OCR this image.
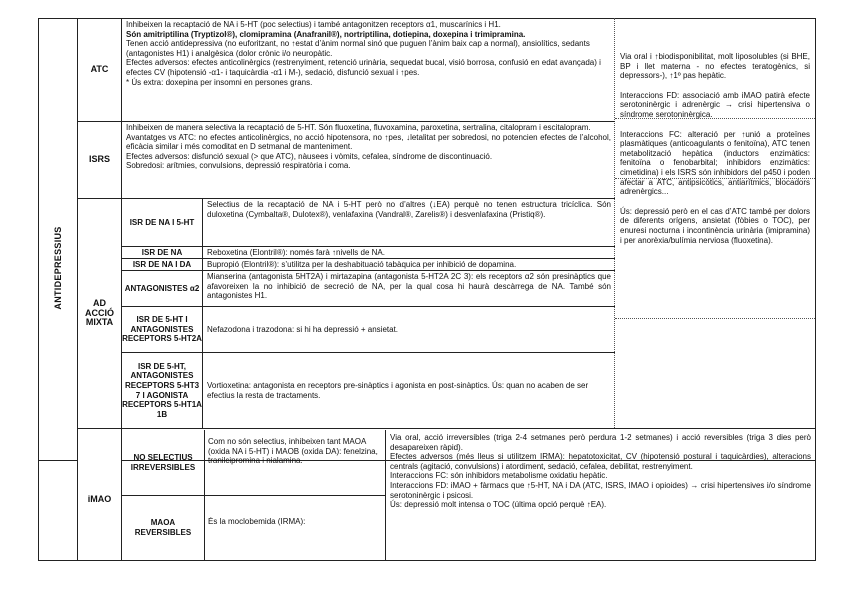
ANTIDEPRESSIUS
ATC

Inhibeixen la recaptació de NA i 5-HT (poc selectius) i també antagonitzen receptors α1, muscarínics i H1.

Són amitriptilina (Tryptizol®), clomipramina (Anafranil®), nortriptilina, dotiepina, doxepina i trimipramina.

Tenen acció antidepressiva (no euforitzant, no ↑estat d’ànim normal sinó que puguen l’ànim baix cap a normal), ansiolítics, sedants (antagonistes H1) i analgèsica (dolor crònic i/o neuropàtic.

Efectes adversos: efectes anticolinèrgics (restrenyiment, retenció urinària, sequedat bucal, visió borrosa, confusió en edat avançada) i efectes CV (hipotensió -α1- i taquicàrdia -α1 i M-), sedació, disfunció sexual i ↑pes.

* Ús extra: doxepina per insomni en persones grans.

ISRS

Inhibeixen de manera selectiva la recaptació de 5-HT. Són fluoxetina, fluvoxamina, paroxetina, sertralina, citalopram i escitalopram.

Avantatges vs ATC: no efectes anticolinèrgics, no acció hipotensora, no ↑pes, ↓letalitat per sobredosi, no potencien efectes de l’alcohol, eficàcia similar i més comoditat en D setmanal de manteniment.

Efectes adversos: disfunció sexual (> que ATC), nàusees i vòmits, cefalea, síndrome de discontinuació.

Sobredosi: arítmies, convulsions, depressió respiratòria i coma.

AD
ACCIÓ
MIXTA
ISR DE NA I 5-HT
Selectius de la recaptació de NA i 5-HT però no d’altres (↓EA) perquè no tenen estructura tricíclica. Són duloxetina (Cymbalta®, Dulotex®), venlafaxina (Vandral®, Zarelis®) i desvenlafaxina (Pristiq®).
ISR DE NA	Reboxetina (Elontril®): només farà ↑nivells de NA.
ISR DE NA I DA	Bupropió (Elontril®): s’utilitza per la deshabituació tabàquica per inhibició de dopamina.
ANTAGONISTES α2
Mianserina (antagonista 5HT2A) i mirtazapina (antagonista 5-HT2A 2C 3): els receptors α2 són presinàptics que afavoreixen la no inhibició de secreció de NA, per la qual cosa hi haurà descàrrega de NA. També són antagonistes H1.
ISR DE 5-HT I ANTAGONISTES RECEPTORS 5-HT2A
Nefazodona i trazodona: si hi ha depressió + ansietat.
ISR DE 5-HT, ANTAGONISTES RECEPTORS 5-HT3 7 I AGONISTA RECEPTORS 5-HT1A 1B
Vortioxetina: antagonista en receptors pre-sinàptics i agonista en post-sinàptics. Ús: quan no acaben de ser efectius la resta de tractaments.

Via oral i ↑biodisponibilitat, molt liposolubles (si BHE, BP i llet materna - no efectes teratogènics, si depressors-), ↑1º pas hepàtic.

Interaccions FD: associació amb iMAO patirà efecte serotoninèrgic i adrenèrgic → crisi hipertensiva o síndrome serotoninèrgica.

Interaccions FC: alteració per ↑unió a proteïnes plasmàtiques (anticoagulants o fenitoïna), ATC tenen metabolització hepàtica (inductors enzimàtics: fenitoïna o fenobarbital; inhibidors enzimàtics: cimetidina) i els ISRS són inhibidors del p450 i poden afectar a ATC, antipsicòtics, antiarítmics, blocadors adrenèrgics...

Ús: depressió però en el cas d’ATC també per dolors de diferents orígens, ansietat (fòbies o TOC), per enuresi nocturna i incontinència urinària (imipramina) i per anorèxia/bulímia nerviosa (fluoxetina).

iMAO
NO SELECTIUS IRREVERSIBLES
Com no són selectius, inhibeixen tant MAOA (oxida NA i 5-HT) i MAOB (oxida DA): fenelzina, tranilcipromina i nialamina.
MAOA REVERSIBLES
És la moclobemida (IRMA):

Via oral, acció irreversibles (triga 2-4 setmanes però perdura 1-2 setmanes) i acció reversibles (triga 3 dies però desapareixen ràpid).

Efectes adversos (més lleus si utilitzem IRMA): hepatotoxicitat, CV (hipotensió postural i taquicàrdies), alteracions centrals (agitació, convulsions) i atordiment, sedació, cefalea, debilitat, restrenyiment.

Interaccions FC: són inhibidors metabolisme oxidatiu hepàtic.

Interaccions FD: iMAO + fàrmacs que ↑5-HT, NA i DA (ATC, ISRS, IMAO i opioides) → crisi hipertensives i/o síndrome serotoninèrgic i psicosi.

Ús: depressió molt intensa o TOC (última opció perquè ↑EA).
